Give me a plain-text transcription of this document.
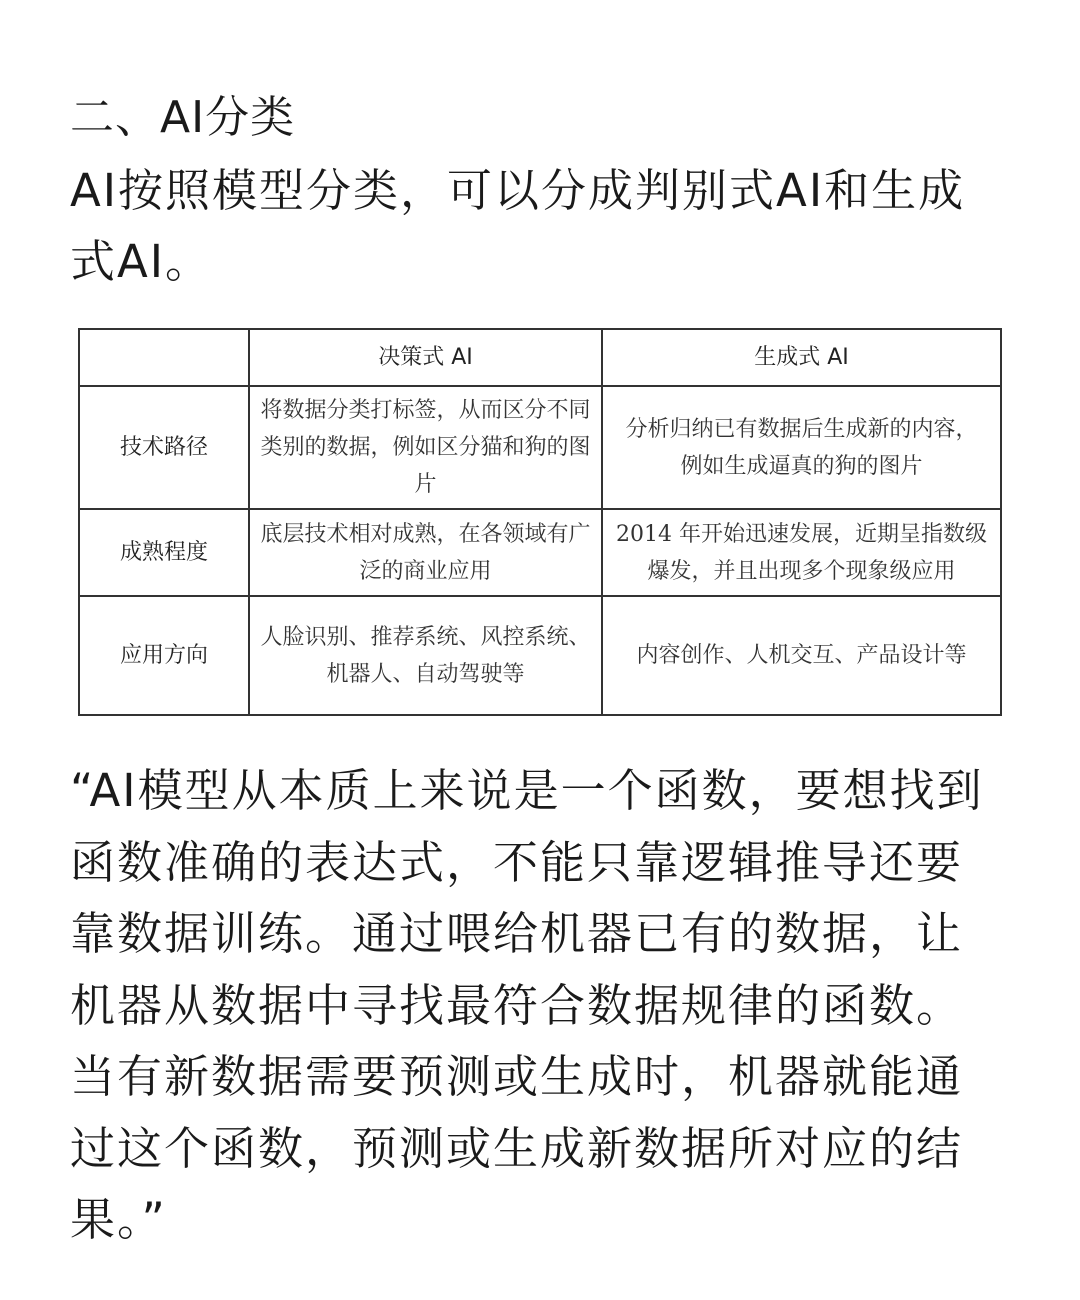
二、AI分类
AI按照模型分类，可以分成判别式AI和生成式AI。
	决策式 AI	生成式 AI
技术路径	将数据分类打标签，从而区分不同类别的数据，例如区分猫和狗的图片	分析归纳已有数据后生成新的内容，例如生成逼真的狗的图片
成熟程度	底层技术相对成熟，在各领域有广泛的商业应用	2014 年开始迅速发展，近期呈指数级爆发，并且出现多个现象级应用
应用方向	人脸识别、推荐系统、风控系统、机器人、自动驾驶等	内容创作、人机交互、产品设计等
“AI模型从本质上来说是一个函数，要想找到函数准确的表达式，不能只靠逻辑推导还要靠数据训练。通过喂给机器已有的数据，让机器从数据中寻找最符合数据规律的函数。当有新数据需要预测或生成时，机器就能通过这个函数，预测或生成新数据所对应的结果。”
